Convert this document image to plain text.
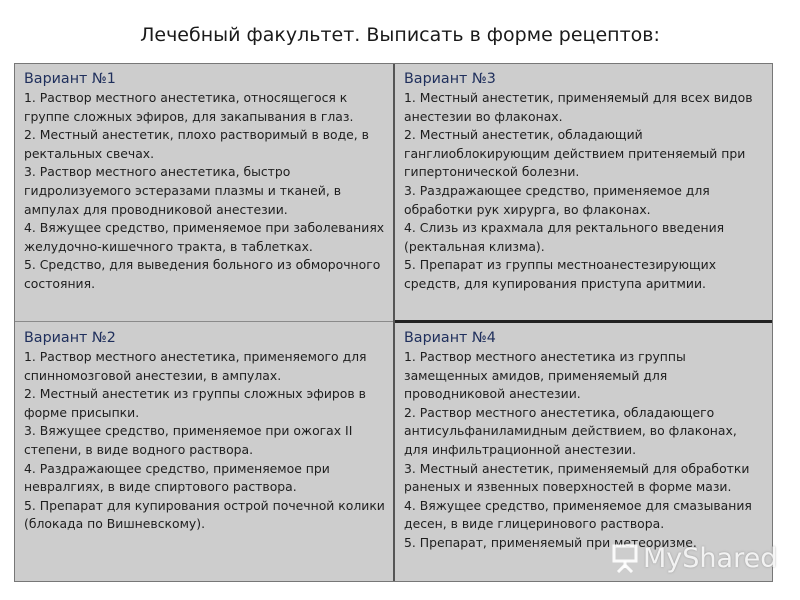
Лечебный факультет. Выписать в форме рецептов:
Вариант №1

1. Раствор местного анестетика, относящегося к группе сложных эфиров, для закапывания в глаз.

2. Местный анестетик, плохо растворимый в воде, в ректальных свечах.

3. Раствор местного анестетика, быстро гидролизуемого эстеразами плазмы и тканей, в ампулах для проводниковой анестезии.

4. Вяжущее средство, применяемое при заболеваниях желудочно-кишечного тракта, в таблетках.

5. Средство, для выведения больного из обморочного состояния.

Вариант №3

1. Местный анестетик, применяемый для всех видов анестезии во флаконах.

2. Местный анестетик, обладающий ганглиоблокирующим действием притеняемый при гипертонической болезни.

3. Раздражающее средство, применяемое для обработки рук хирурга, во флаконах.

4. Слизь из крахмала для ректального введения (ректальная клизма).

5. Препарат из группы местноанестезирующих средств, для купирования приступа аритмии.

Вариант №2

1. Раствор местного анестетика, применяемого для спинномозговой анестезии, в ампулах.

2. Местный анестетик из группы сложных эфиров в форме присыпки.

3. Вяжущее средство, применяемое при ожогах II степени, в виде водного раствора.

4. Раздражающее средство, применяемое при невралгиях, в виде спиртового раствора.

5. Препарат для купирования острой почечной колики (блокада по Вишневскому).

Вариант №4

1. Раствор местного анестетика из группы замещенных амидов, применяемый для проводниковой анестезии.

2. Раствор местного анестетика, обладающего антисульфаниламидным действием, во флаконах, для инфильтрационной анестезии.

3. Местный анестетик, применяемый для обработки раненых и язвенных поверхностей в форме мази.

4. Вяжущее средство, применяемое для смазывания десен, в виде глицеринового раствора.

5. Препарат, применяемый при метеоризме.

MyShared
